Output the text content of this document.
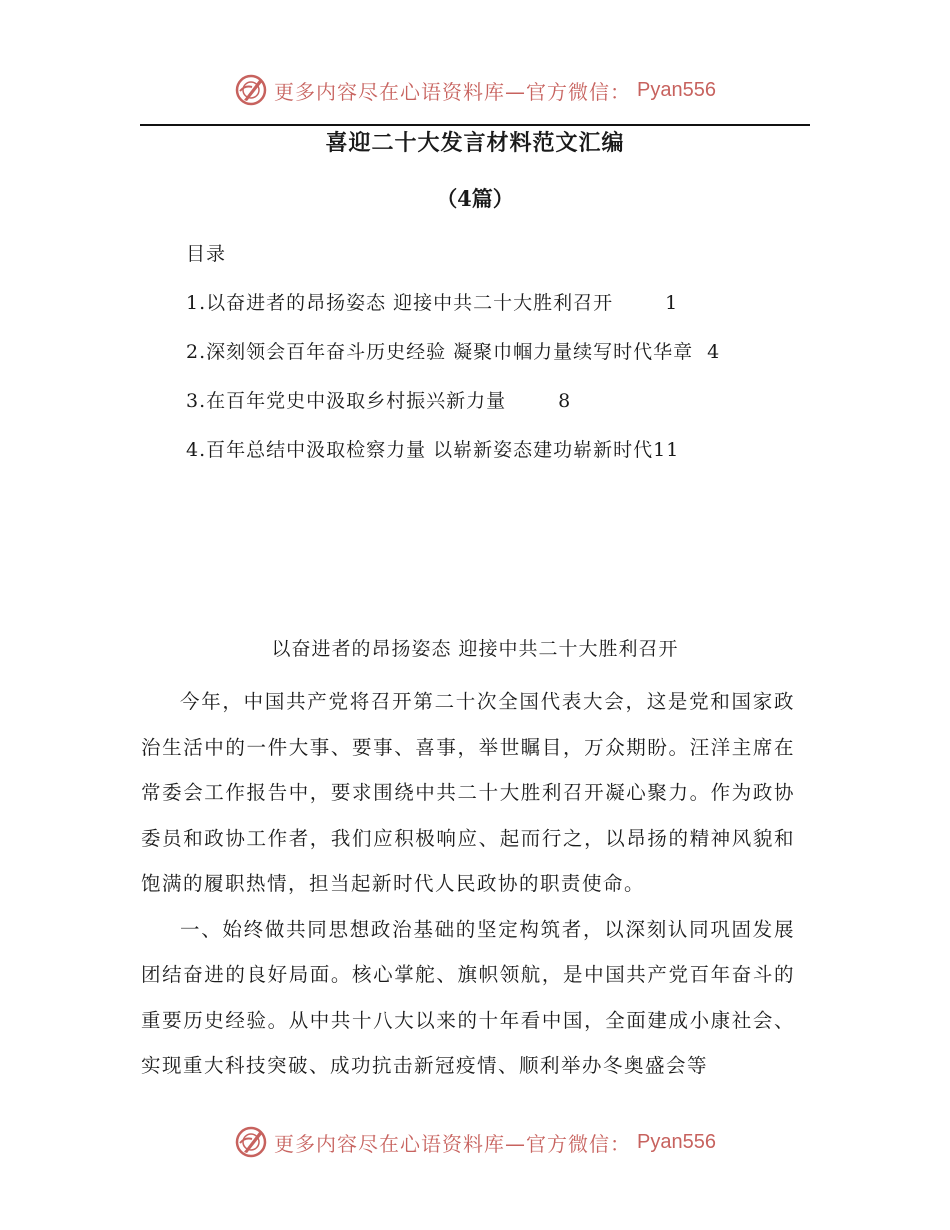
更多内容尽在心语资料库—官方微信： Pyan556
喜迎二十大发言材料范文汇编
（4篇）
目录
1.以奋进者的昂扬姿态 迎接中共二十大胜利召开	1
2.深刻领会百年奋斗历史经验 凝聚巾帼力量续写时代华章 4
3.在百年党史中汲取乡村振兴新力量	8
4.百年总结中汲取检察力量 以崭新姿态建功崭新时代 11
以奋进者的昂扬姿态 迎接中共二十大胜利召开

今年，中国共产党将召开第二十次全国代表大会，这是党和国家政治生活中的一件大事、要事、喜事，举世瞩目，万众期盼。汪洋主席在常委会工作报告中，要求围绕中共二十大胜利召开凝心聚力。作为政协委员和政协工作者，我们应积极响应、起而行之，以昂扬的精神风貌和饱满的履职热情，担当起新时代人民政协的职责使命。

一、始终做共同思想政治基础的坚定构筑者，以深刻认同巩固发展团结奋进的良好局面。核心掌舵、旗帜领航，是中国共产党百年奋斗的重要历史经验。从中共十八大以来的十年看中国，全面建成小康社会、实现重大科技突破、成功抗击新冠疫情、顺利举办冬奥盛会等

更多内容尽在心语资料库—官方微信： Pyan556
